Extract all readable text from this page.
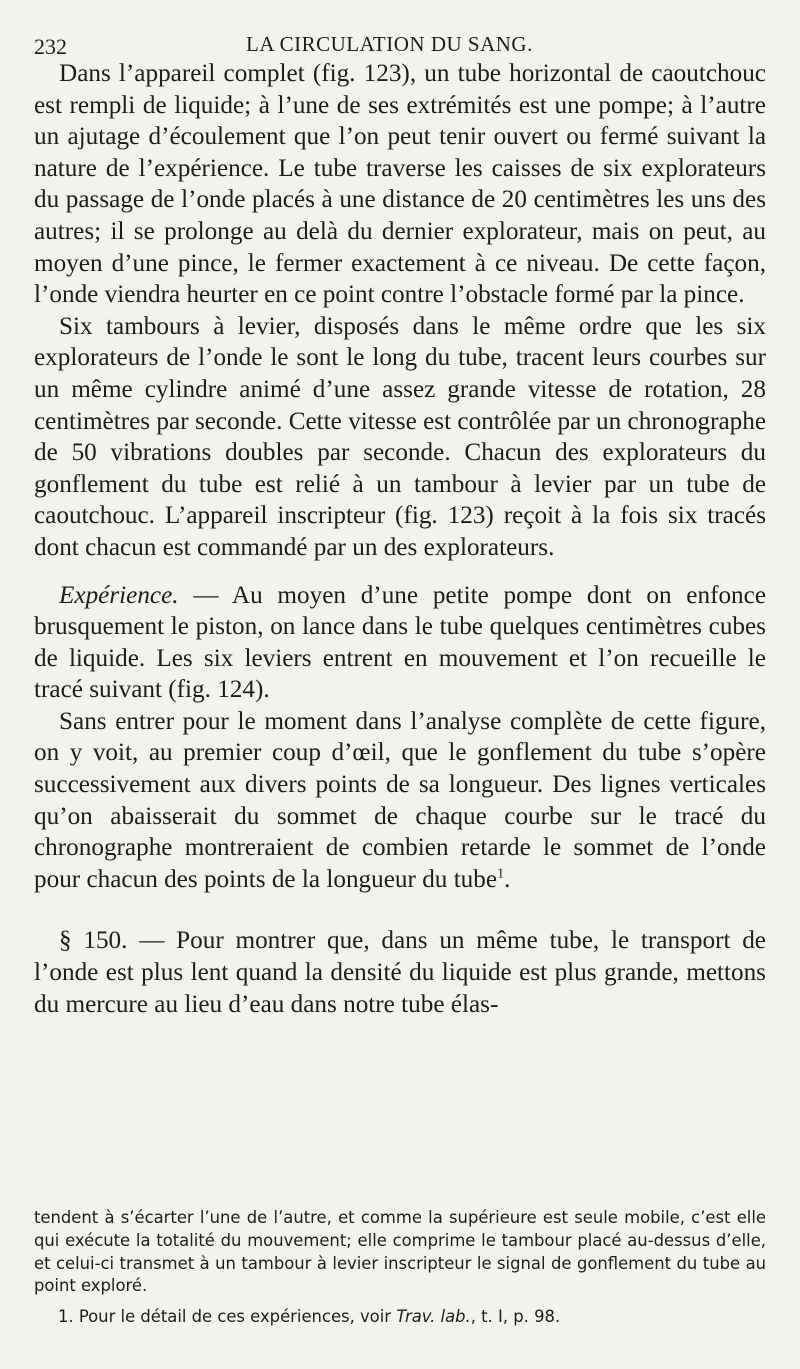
232	LA CIRCULATION DU SANG.

Dans l’appareil complet (fig. 123), un tube horizontal de caoutchouc est rempli de liquide; à l’une de ses extrémités est une pompe; à l’autre un ajutage d’écoulement que l’on peut tenir ouvert ou fermé suivant la nature de l’expérience. Le tube traverse les caisses de six explorateurs du passage de l’onde placés à une distance de 20 centimètres les uns des autres; il se prolonge au delà du dernier explorateur, mais on peut, au moyen d’une pince, le fermer exactement à ce niveau. De cette façon, l’onde viendra heurter en ce point contre l’obstacle formé par la pince.

Six tambours à levier, disposés dans le même ordre que les six explorateurs de l’onde le sont le long du tube, tracent leurs courbes sur un même cylindre animé d’une assez grande vitesse de rotation, 28 centimètres par seconde. Cette vitesse est contrôlée par un chronographe de 50 vibrations doubles par seconde. Chacun des explorateurs du gonflement du tube est relié à un tambour à levier par un tube de caoutchouc. L’appareil inscripteur (fig. 123) reçoit à la fois six tracés dont chacun est commandé par un des explorateurs.

Expérience. — Au moyen d’une petite pompe dont on enfonce brusquement le piston, on lance dans le tube quelques centimètres cubes de liquide. Les six leviers entrent en mouvement et l’on recueille le tracé suivant (fig. 124).

Sans entrer pour le moment dans l’analyse complète de cette figure, on y voit, au premier coup d’œil, que le gonflement du tube s’opère successivement aux divers points de sa longueur. Des lignes verticales qu’on abaisserait du sommet de chaque courbe sur le tracé du chronographe montreraient de combien retarde le sommet de l’onde pour chacun des points de la longueur du tube$^1$.

§ 150. — Pour montrer que, dans un même tube, le transport de l’onde est plus lent quand la densité du liquide est plus grande, mettons du mercure au lieu d’eau dans notre tube élas-

tendent à s’écarter l’une de l’autre, et comme la supérieure est seule mobile, c’est elle qui exécute la totalité du mouvement; elle comprime le tambour placé au-dessus d’elle, et celui-ci transmet à un tambour à levier inscripteur le signal de gonflement du tube au point exploré.

1. Pour le détail de ces expériences, voir Trav. lab., t. I, p. 98.
